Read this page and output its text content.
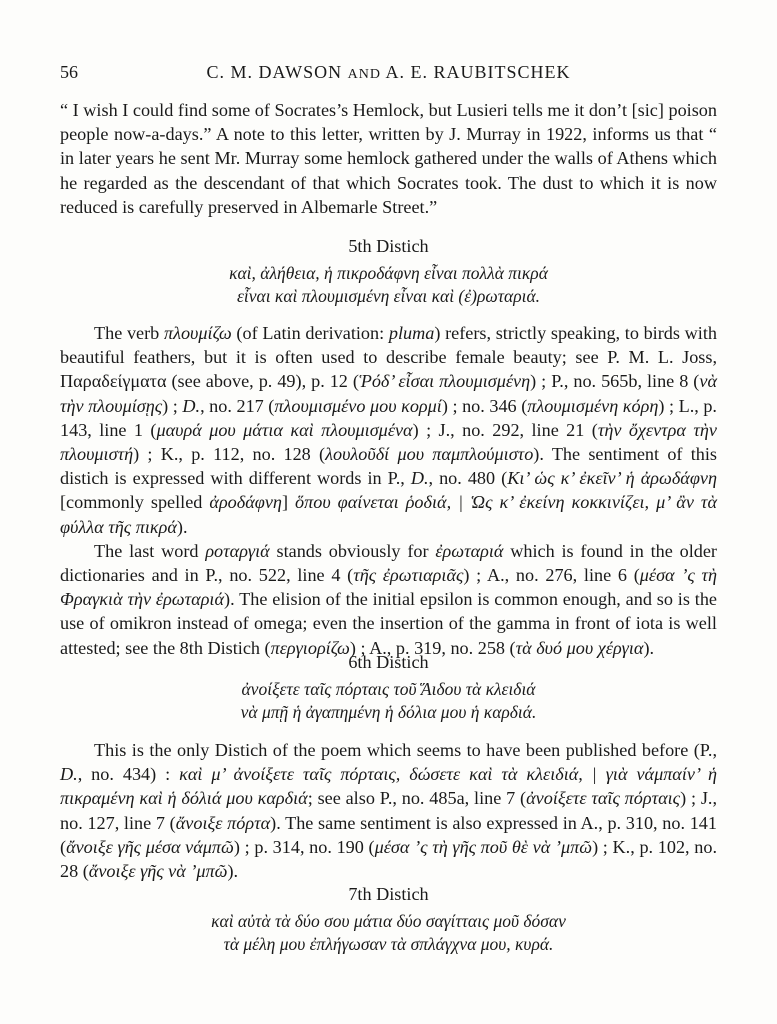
56	C. M. DAWSON AND A. E. RAUBITSCHEK

“ I wish I could find some of Socrates’s Hemlock, but Lusieri tells me it don’t [sic] poison people now-a-days.” A note to this letter, written by J. Murray in 1922, informs us that “ in later years he sent Mr. Murray some hemlock gathered under the walls of Athens which he regarded as the descendant of that which Socrates took. The dust to which it is now reduced is carefully preserved in Albemarle Street.”

5th Distich
καὶ, ἀλήθεια, ἡ πικροδάφνη εἶναι πολλὰ πικρά
εἶναι καὶ πλουμισμένη εἶναι καὶ (ἐ)ρωταριά.

The verb πλουμίζω (of Latin derivation: pluma) refers, strictly speaking, to birds with beautiful feathers, but it is often used to describe female beauty; see P. M. L. Joss, Παραδείγματα (see above, p. 49), p. 12 (Ῥόδ’ εἶσαι πλουμισμένη) ; P., no. 565b, line 8 (νὰ τὴν πλουμίσῃς) ; D., no. 217 (πλουμισμένο μου κορμί) ; no. 346 (πλουμισμένη κόρη) ; L., p. 143, line 1 (μαυρά μου μάτια καὶ πλουμισμένα) ; J., no. 292, line 21 (τὴν ὄχεντρα τὴν πλουμιστή) ; K., p. 112, no. 128 (λουλοῦδί μου παμπλούμιστο). The sentiment of this distich is expressed with different words in P., D., no. 480 (Κι’ ὡς κ’ ἐκεῖν’ ἡ ἀρωδάφνη [commonly spelled ἀροδάφνη] ὅπου φαίνεται ῥοδιά, | Ὡς κ’ ἐκείνη κοκκινίζει, μ’ ἂν τὰ φύλλα τῆς πικρά).

The last word ροταργιά stands obviously for ἐρωταριά which is found in the older dictionaries and in P., no. 522, line 4 (τῆς ἐρωτιαριᾶς) ; A., no. 276, line 6 (μέσα ’ς τὴ Φραγκιὰ τὴν ἐρωταριά). The elision of the initial epsilon is common enough, and so is the use of omikron instead of omega; even the insertion of the gamma in front of iota is well attested; see the 8th Distich (περγιορίζω) ; A., p. 319, no. 258 (τὰ δυό μου χέργια).

6th Distich
ἀνοίξετε ταῖς πόρταις τοῦ Ἅιδου τὰ κλειδιά
νὰ μπῇ ἡ ἀγαπημένη ἡ δόλια μου ἡ καρδιά.

This is the only Distich of the poem which seems to have been published before (P., D., no. 434) : καὶ μ’ ἀνοίξετε ταῖς πόρταις, δώσετε καὶ τὰ κλειδιά, | γιὰ νάμπαίν’ ἡ πικραμένη καὶ ἡ δόλιά μου καρδιά; see also P., no. 485a, line 7 (ἀνοίξετε ταῖς πόρταις) ; J., no. 127, line 7 (ἄνοιξε πόρτα). The same sentiment is also expressed in A., p. 310, no. 141 (ἄνοιξε γῆς μέσα νάμπῶ) ; p. 314, no. 190 (μέσα ’ς τὴ γῆς ποῦ θὲ νὰ ’μπῶ) ; K., p. 102, no. 28 (ἄνοιξε γῆς νὰ ’μπῶ).

7th Distich
καὶ αὐτὰ τὰ δύο σου μάτια δύο σαγίτταις μοῦ δόσαν
τὰ μέλη μου ἐπλήγωσαν τὰ σπλάγχνα μου, κυρά.
